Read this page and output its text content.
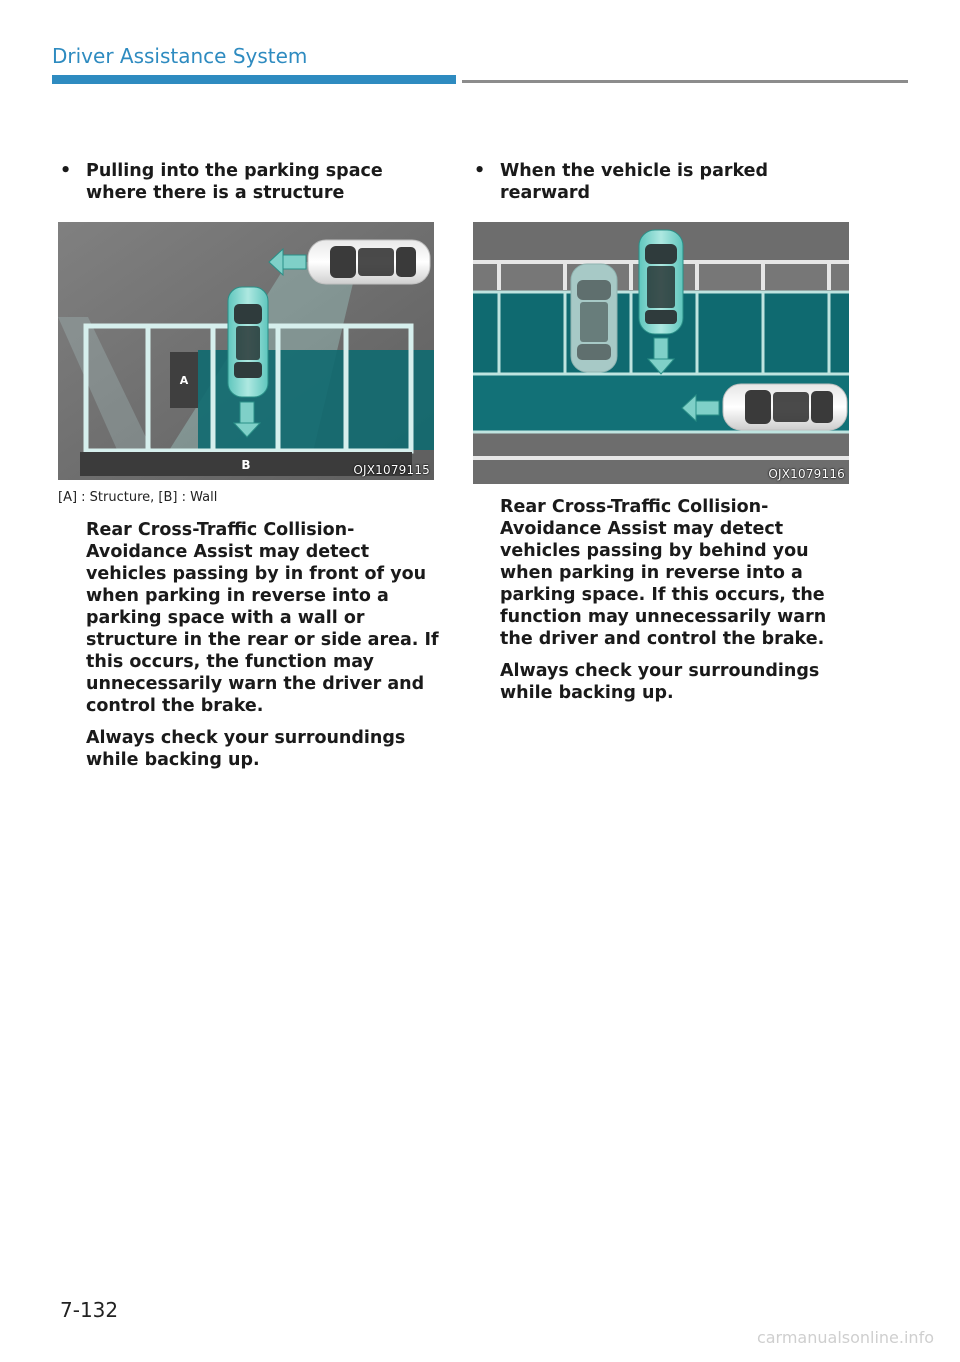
Driver Assistance System
• Pulling into the parking space where there is a structure
A
B	OJX1079115
[A] : Structure, [B] : Wall

Rear Cross-Traffic Collision-Avoidance Assist may detect vehicles passing by in front of you when parking in reverse into a parking space with a wall or structure in the rear or side area. If this occurs, the function may unnecessarily warn the driver and control the brake.

Always check your surroundings while backing up.

• When the vehicle is parked rearward
OJX1079116

Rear Cross-Traffic Collision-Avoidance Assist may detect vehicles passing by behind you when parking in reverse into a parking space. If this occurs, the function may unnecessarily warn the driver and control the brake.

Always check your surroundings while backing up.

7-132
carmanualsonline.info
